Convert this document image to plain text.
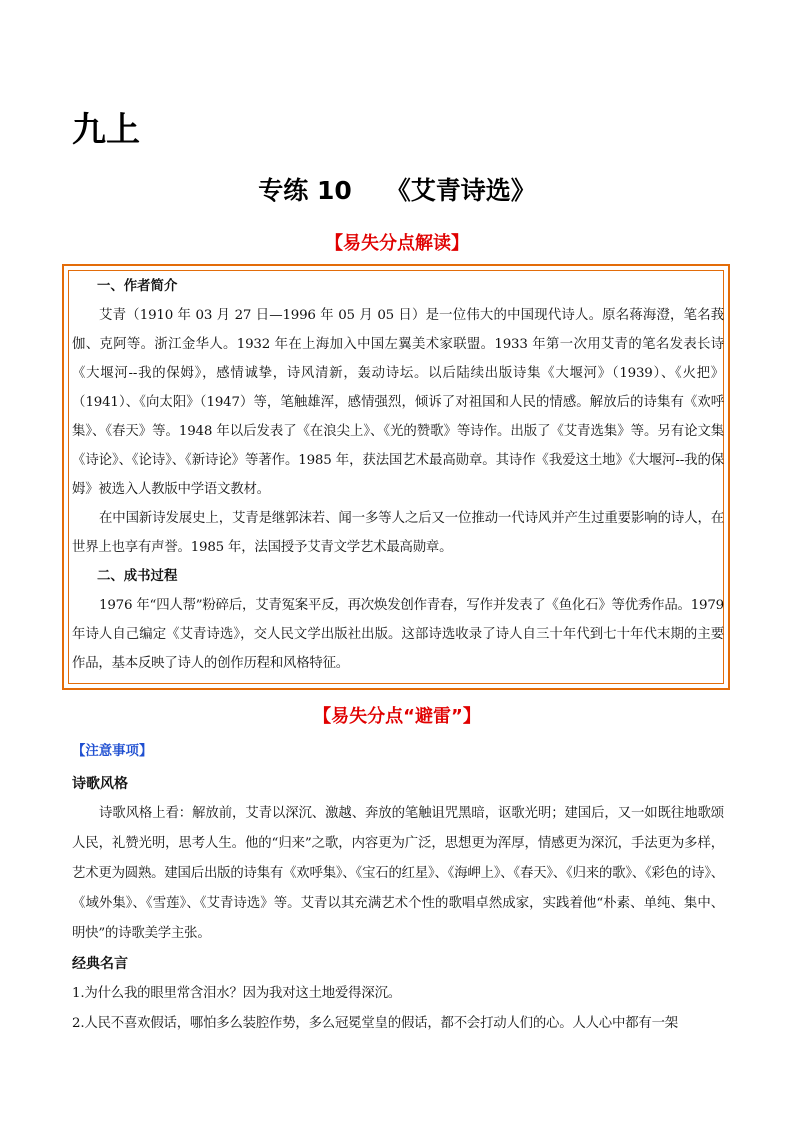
九上
专练 10 《艾青诗选》
【易失分点解读】
一、作者简介

艾青（1910 年 03 月 27 日—1996 年 05 月 05 日）是一位伟大的中国现代诗人。原名蒋海澄，笔名莪伽、克阿等。浙江金华人。1932 年在上海加入中国左翼美术家联盟。1933 年第一次用艾青的笔名发表长诗《大堰河--我的保姆》，感情诚挚，诗风清新，轰动诗坛。以后陆续出版诗集《大堰河》（1939）、《火把》（1941）、《向太阳》（1947）等，笔触雄浑，感情强烈，倾诉了对祖国和人民的情感。解放后的诗集有《欢呼集》、《春天》等。1948 年以后发表了《在浪尖上》、《光的赞歌》等诗作。出版了《艾青选集》等。另有论文集《诗论》、《论诗》、《新诗论》等著作。1985 年，获法国艺术最高勋章。其诗作《我爱这土地》《大堰河--我的保姆》被选入人教版中学语文教材。

在中国新诗发展史上，艾青是继郭沫若、闻一多等人之后又一位推动一代诗风并产生过重要影响的诗人，在世界上也享有声誉。1985 年，法国授予艾青文学艺术最高勋章。

二、成书过程

1976 年“四人帮”粉碎后，艾青冤案平反，再次焕发创作青春，写作并发表了《鱼化石》等优秀作品。1979 年诗人自己编定《艾青诗选》，交人民文学出版社出版。这部诗选收录了诗人自三十年代到七十年代末期的主要作品，基本反映了诗人的创作历程和风格特征。

【易失分点“避雷”】
【注意事项】
诗歌风格

诗歌风格上看：解放前，艾青以深沉、激越、奔放的笔触诅咒黑暗，讴歌光明；建国后，又一如既往地歌颂人民，礼赞光明，思考人生。他的“归来”之歌，内容更为广泛，思想更为浑厚，情感更为深沉，手法更为多样，艺术更为圆熟。建国后出版的诗集有《欢呼集》、《宝石的红星》、《海岬上》、《春天》、《归来的歌》、《彩色的诗》、《域外集》、《雪莲》、《艾青诗选》等。艾青以其充满艺术个性的歌唱卓然成家，实践着他“朴素、单纯、集中、明快”的诗歌美学主张。

经典名言

1.为什么我的眼里常含泪水？因为我对这土地爱得深沉。

2.人民不喜欢假话，哪怕多么装腔作势，多么冠冕堂皇的假话，都不会打动人们的心。人人心中都有一架
